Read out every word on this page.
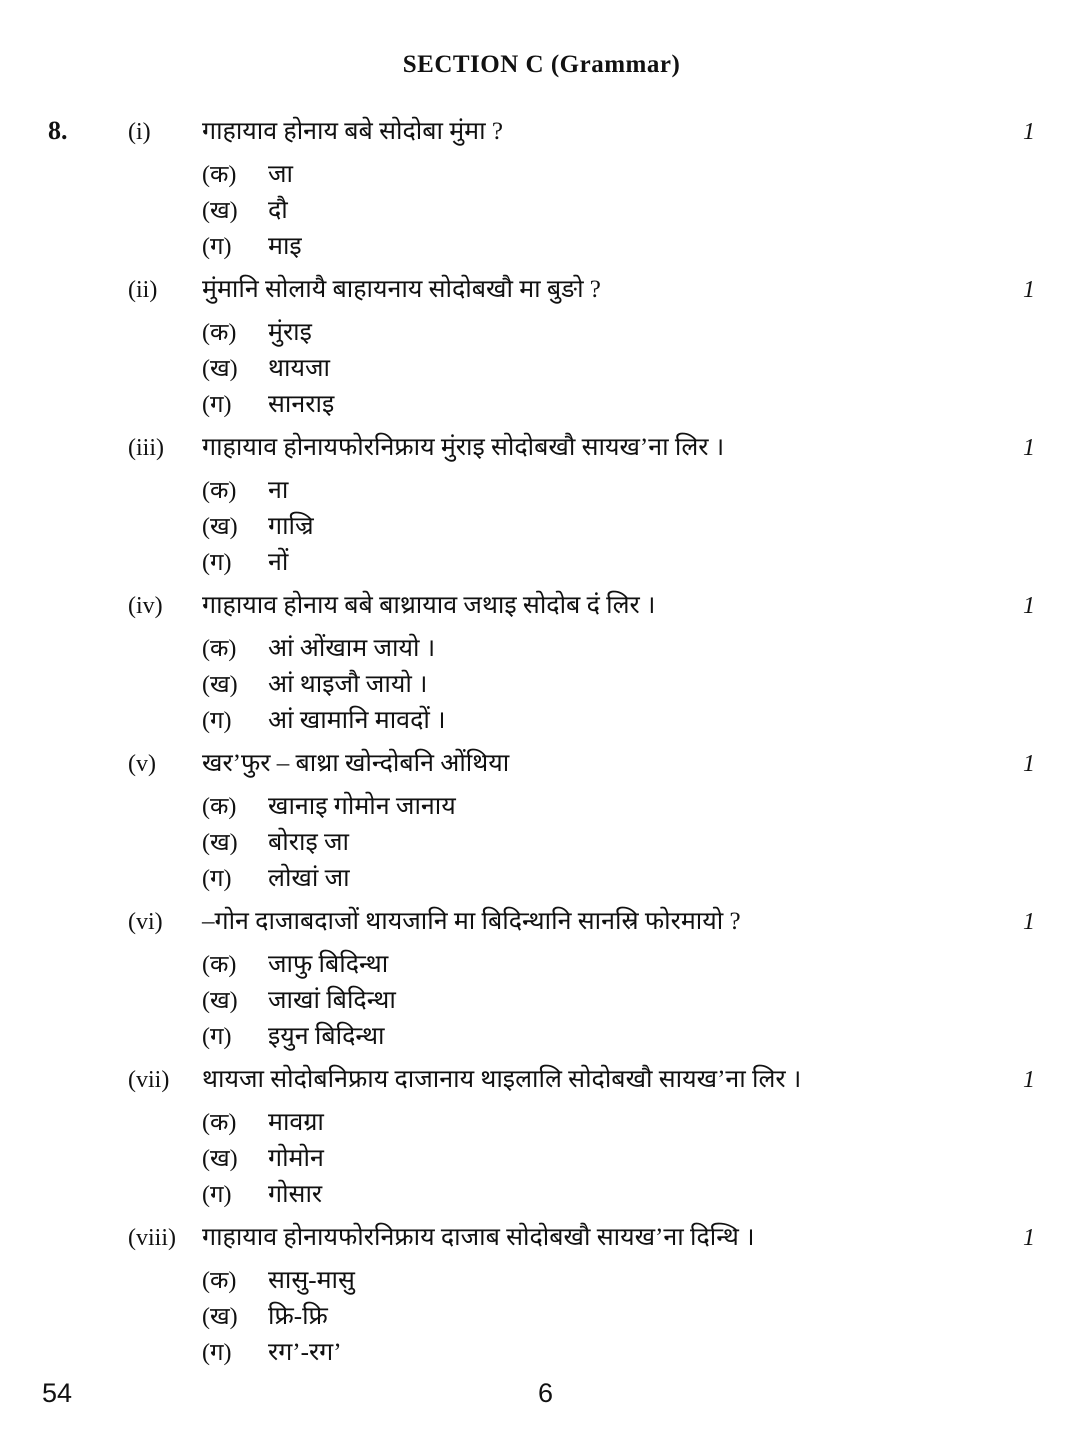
SECTION C (Grammar)
8.	(i)	गाहायाव होनाय बबे सोदोबा मुंमा ?	1
(क)	जा
(ख)	दौ
(ग)	माइ
(ii)	मुंमानि सोलायै बाहायनाय सोदोबखौ मा बुङो ?	1
(क)	मुंराइ
(ख)	थायजा
(ग)	सानराइ
(iii)	गाहायाव होनायफोरनिफ्राय मुंराइ सोदोबखौ सायख’ना लिर ।	1
(क)	ना
(ख)	गाज्रि
(ग)	नों
(iv)	गाहायाव होनाय बबे बाथ्रायाव जथाइ सोदोब दं लिर ।	1
(क)	आं ओंखाम जायो ।
(ख)	आं थाइजौ जायो ।
(ग)	आं खामानि मावदों ।
(v)	खर’फुर – बाथ्रा खोन्दोबनि ओंथिया	1
(क)	खानाइ गोमोन जानाय
(ख)	बोराइ जा
(ग)	लोखां जा
(vi)	–गोन दाजाबदाजों थायजानि मा बिदिन्थानि सानस्रि फोरमायो ?	1
(क)	जाफु बिदिन्था
(ख)	जाखां बिदिन्था
(ग)	इयुन बिदिन्था
(vii)	थायजा सोदोबनिफ्राय दाजानाय थाइलालि सोदोबखौ सायख’ना लिर ।	1
(क)	मावग्रा
(ख)	गोमोन
(ग)	गोसार
(viii)	गाहायाव होनायफोरनिफ्राय दाजाब सोदोबखौ सायख’ना दिन्थि ।	1
(क)	सासु-मासु
(ख)	फ्रि-फ्रि
(ग)	रग’-रग’
54	6
